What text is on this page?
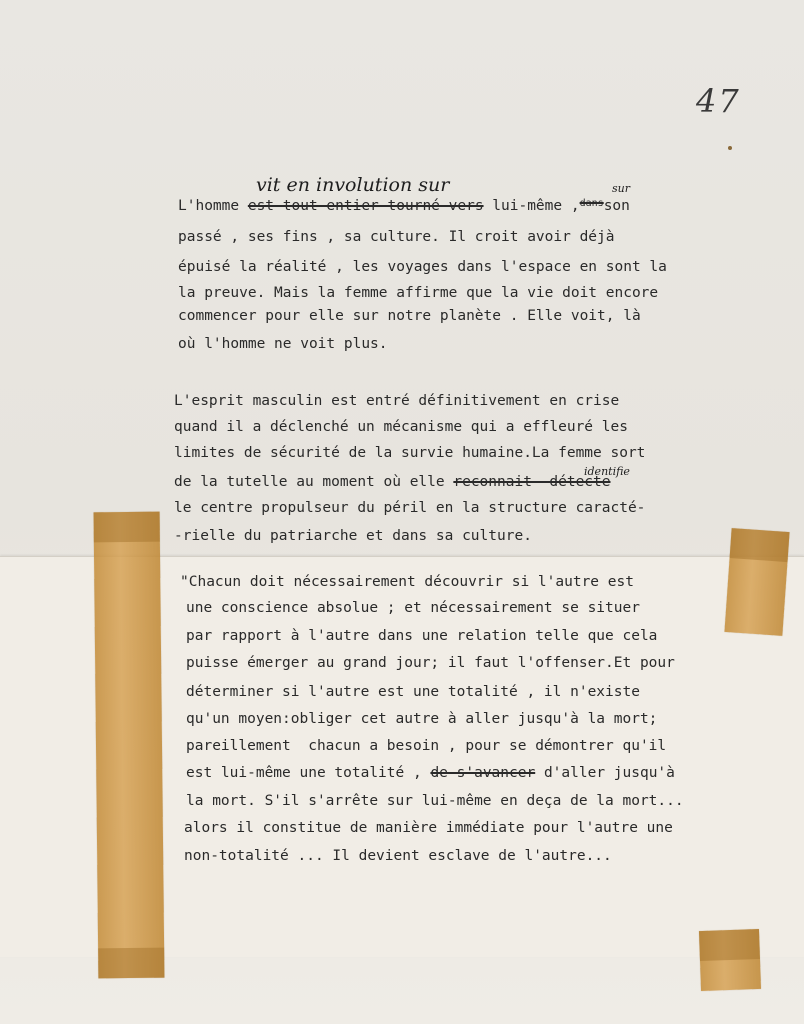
47
vit en involution sur	sur
L'homme est tout entier tourné vers lui-même ,$^{dans}$son
passé , ses fins , sa culture. Il croit avoir déjà
épuisé la réalité , les voyages dans l'espace en sont la
la preuve. Mais la femme affirme que la vie doit encore
commencer pour elle sur notre planète . Elle voit, là
où l'homme ne voit plus.
L'esprit masculin est entré définitivement en crise
quand il a déclenché un mécanisme qui a effleuré les
limites de sécurité de la survie humaine.La femme sort
identifie
de la tutelle au moment où elle reconnait- détecte
le centre propulseur du péril en la structure caracté-
-rielle du patriarche et dans sa culture.
"Chacun doit nécessairement découvrir si l'autre est
une conscience absolue ; et nécessairement se situer
par rapport à l'autre dans une relation telle que cela
puisse émerger au grand jour; il faut l'offenser.Et pour
déterminer si l'autre est une totalité , il n'existe
qu'un moyen:obliger cet autre à aller jusqu'à la mort;
pareillement  chacun a besoin , pour se démontrer qu'il
est lui-même une totalité , de s'avancer d'aller jusqu'à
la mort. S'il s'arrête sur lui-même en deça de la mort...
alors il constitue de manière immédiate pour l'autre une
non-totalité ... Il devient esclave de l'autre...
